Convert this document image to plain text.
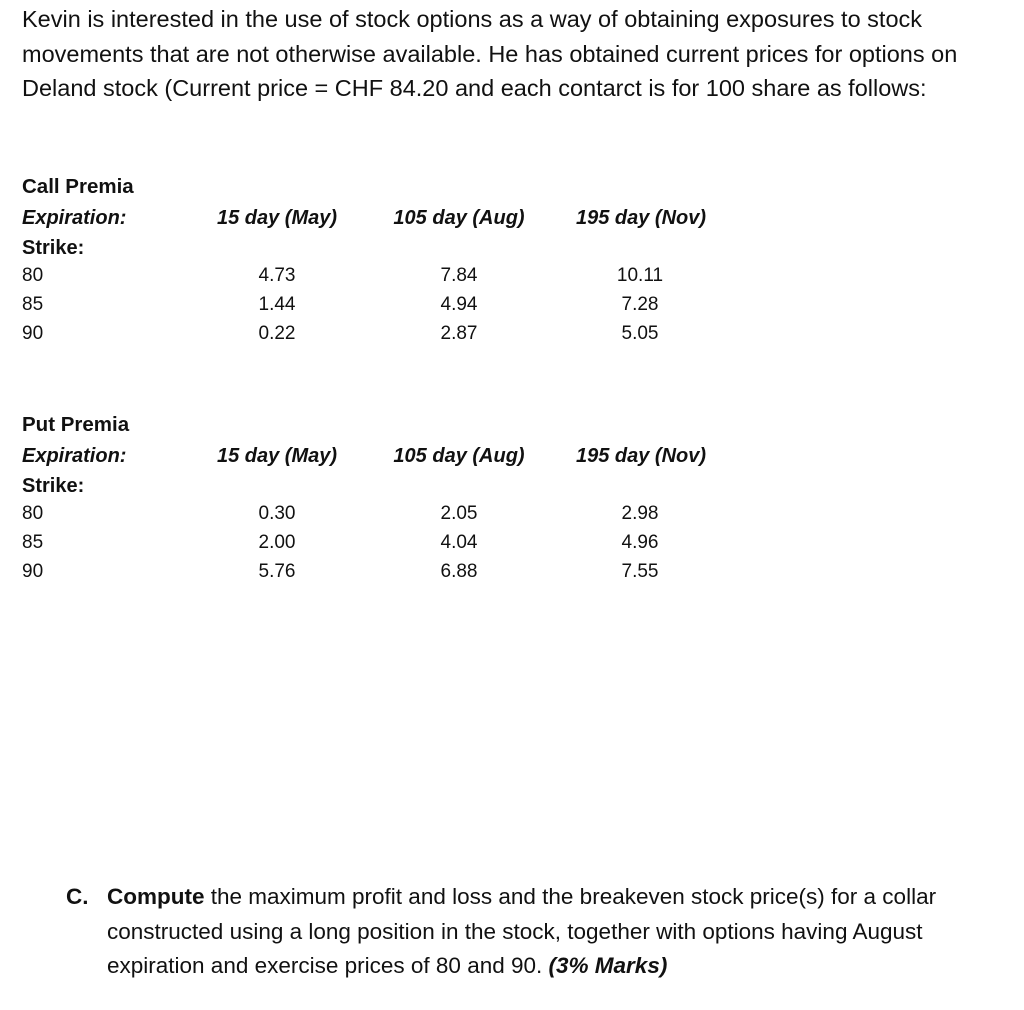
Kevin is interested in the use of stock options as a way of obtaining exposures to stock movements that are not otherwise available. He has obtained current prices for options on Deland stock (Current price = CHF 84.20 and each contarct is for 100 share as follows:

Call Premia
Expiration:	15 day (May)	105 day (Aug)	195 day (Nov)
Strike:
80	4.73	7.84	10.11
85	1.44	4.94	7.28
90	0.22	2.87	5.05
Put Premia
Expiration:	15 day (May)	105 day (Aug)	195 day (Nov)
Strike:
80	0.30	2.05	2.98
85	2.00	4.04	4.96
90	5.76	6.88	7.55
C. Compute the maximum profit and loss and the breakeven stock price(s) for a collar constructed using a long position in the stock, together with options having August expiration and exercise prices of 80 and 90. (3% Marks)
